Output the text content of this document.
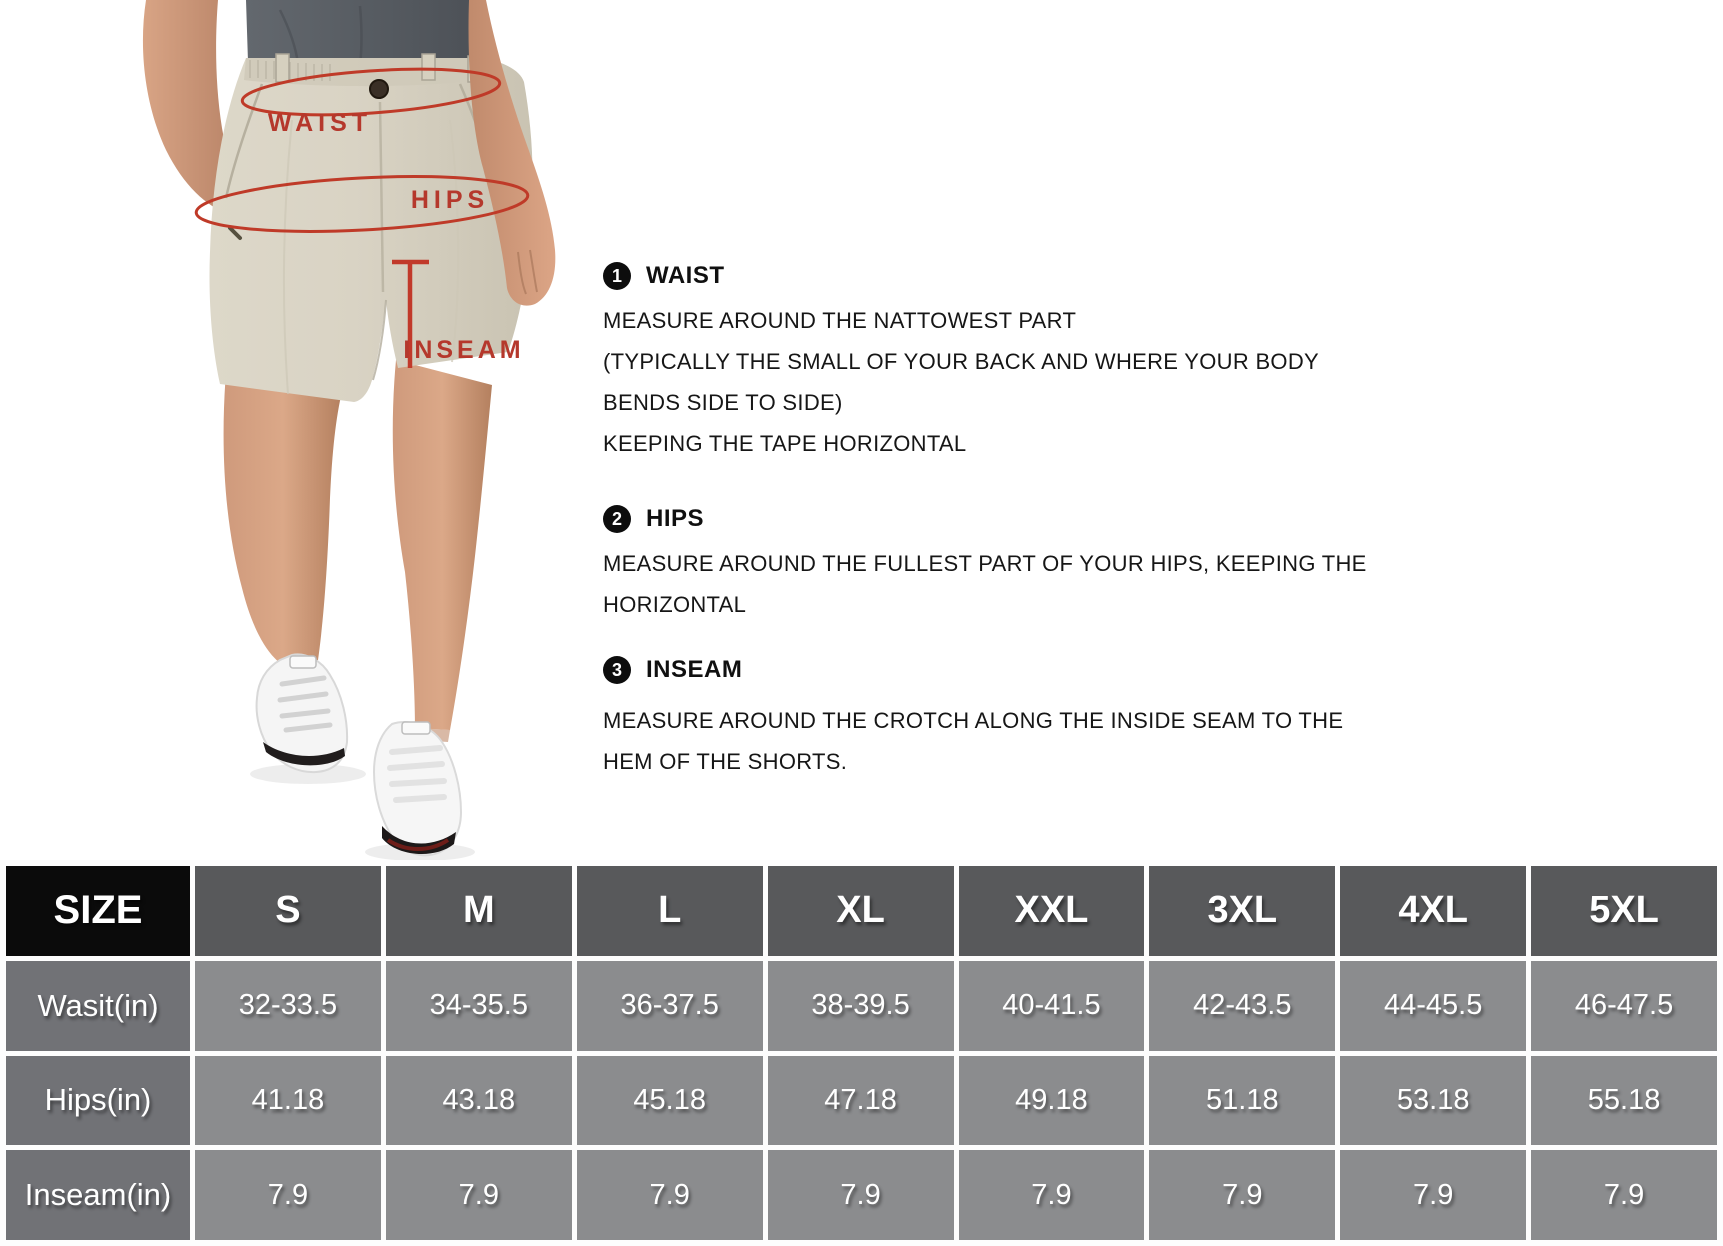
WAIST
HIPS
INSEAM
1	WAIST

MEASURE AROUND THE NATTOWEST PART

(TYPICALLY THE SMALL OF YOUR BACK AND WHERE YOUR BODY

BENDS SIDE TO SIDE)

KEEPING THE TAPE HORIZONTAL

2	HIPS

MEASURE AROUND THE FULLEST PART OF YOUR HIPS, KEEPING THE

HORIZONTAL

3	INSEAM

MEASURE AROUND THE CROTCH ALONG THE INSIDE SEAM TO THE

HEM OF THE SHORTS.

SIZE	S	M	L	XL	XXL	3XL	4XL	5XL
Wasit(in)	32-33.5	34-35.5	36-37.5	38-39.5	40-41.5	42-43.5	44-45.5	46-47.5
Hips(in)	41.18	43.18	45.18	47.18	49.18	51.18	53.18	55.18
Inseam(in)	7.9	7.9	7.9	7.9	7.9	7.9	7.9	7.9
